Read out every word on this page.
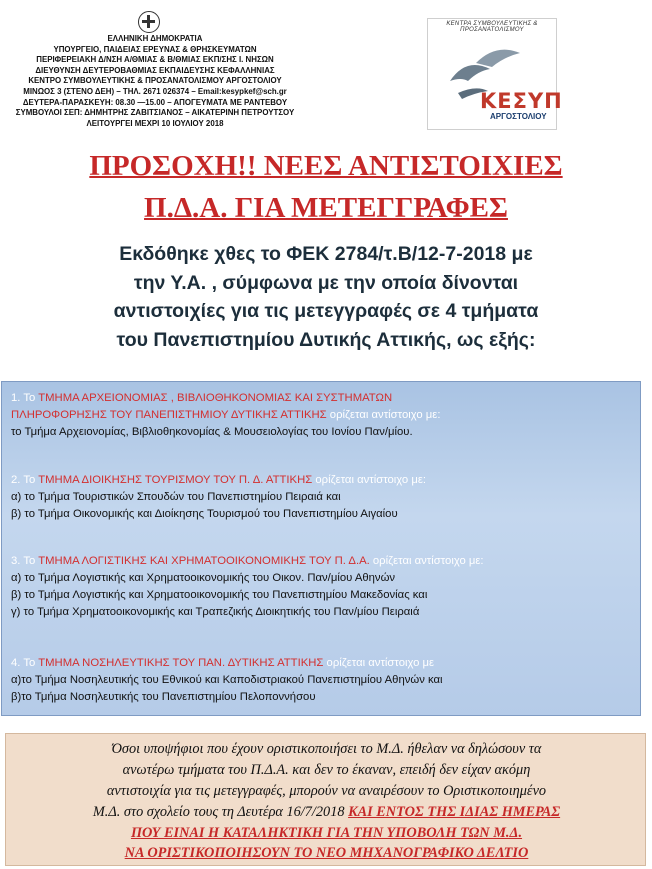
ΕΛΛΗΝΙΚΗ ΔΗΜΟΚΡΑΤΙΑ
ΥΠΟΥΡΓΕΙΟ, ΠΑΙΔΕΙΑΣ ΕΡΕΥΝΑΣ & ΘΡΗΣΚΕΥΜΑΤΩΝ
ΠΕΡΙΦΕΡΕΙΑΚΗ Δ/ΝΣΗ Α/ΘΜΙΑΣ & Β/ΘΜΙΑΣ ΕΚΠ/ΣΗΣ Ι. ΝΗΣΩΝ
ΔΙΕΥΘΥΝΣΗ ΔΕΥΤΕΡΟΒΑΘΜΙΑΣ ΕΚΠΑΙΔΕΥΣΗΣ ΚΕΦΑΛΛΗΝΙΑΣ
ΚΕΝΤΡΟ ΣΥΜΒΟΥΛΕΥΤΙΚΗΣ & ΠΡΟΣΑΝΑΤΟΛΙΣΜΟΥ ΑΡΓΟΣΤΟΛΙΟΥ
ΜΙΝΩΟΣ 3 (ΣΤΕΝΟ ΔΕΗ) – ΤΗΛ. 2671 026374 – Email:kesypkef@sch.gr
ΔΕΥΤΕΡΑ-ΠΑΡΑΣΚΕΥΗ: 08.30 —15.00 – ΑΠΟΓΕΥΜΑΤΑ ΜΕ ΡΑΝΤΕΒΟΥ
ΣΥΜΒΟΥΛΟΙ ΣΕΠ: ΔΗΜΗΤΡΗΣ ΖΑΒΙΤΣΙΑΝΟΣ – ΑΙΚΑΤΕΡΙΝΗ ΠΕΤΡΟΥΤΣΟΥ
ΛΕΙΤΟΥΡΓΕΙ ΜΕΧΡΙ 10 ΙΟΥΛΙΟΥ 2018
ΚΕΝΤΡΑ ΣΥΜΒΟΥΛΕΥΤΙΚΗΣ & ΠΡΟΣΑΝΑΤΟΛΙΣΜΟΥ
ΚΕΣΥΠ
ΑΡΓΟΣΤΟΛΙΟΥ
ΠΡΟΣΟΧΗ!! ΝΕΕΣ ΑΝΤΙΣΤΟΙΧΙΕΣ
Π.Δ.Α. ΓΙΑ ΜΕΤΕΓΓΡΑΦΕΣ
Εκδόθηκε χθες το ΦΕΚ 2784/τ.Β/12-7-2018 με
την Υ.Α. , σύμφωνα με την οποία δίνονται
αντιστοιχίες για τις μετεγγραφές σε 4 τμήματα
του Πανεπιστημίου Δυτικής Αττικής, ως εξής:
1. Το ΤΜΗΜΑ ΑΡΧΕΙΟΝΟΜΙΑΣ , ΒΙΒΛΙΟΘΗΚΟΝΟΜΙΑΣ ΚΑΙ ΣΥΣΤΗΜΑΤΩΝ
ΠΛΗΡΟΦΟΡΗΣΗΣ ΤΟΥ ΠΑΝΕΠΙΣΤΗΜΙΟΥ ΔΥΤΙΚΗΣ ΑΤΤΙΚΗΣ ορίζεται αντίστοιχο με:
το Τμήμα Αρχειονομίας, Βιβλιοθηκονομίας & Μουσειολογίας του Ιονίου Παν/μίου.
2. Το ΤΜΗΜΑ ΔΙΟΙΚΗΣΗΣ ΤΟΥΡΙΣΜΟΥ ΤΟΥ Π. Δ. ΑΤΤΙΚΗΣ ορίζεται αντίστοιχο με:
α) το Τμήμα Τουριστικών Σπουδών του Πανεπιστημίου Πειραιά και
β) το Τμήμα Οικονομικής και Διοίκησης Τουρισμού του Πανεπιστημίου Αιγαίου
3. Το ΤΜΗΜΑ ΛΟΓΙΣΤΙΚΗΣ ΚΑΙ ΧΡΗΜΑΤΟΟΙΚΟΝΟΜΙΚΗΣ ΤΟΥ Π. Δ.Α. ορίζεται αντίστοιχο με:
α) το Τμήμα Λογιστικής και Χρηματοοικονομικής του Οικον. Παν/μίου Αθηνών
β) το Τμήμα Λογιστικής και Χρηματοοικονομικής του Πανεπιστημίου Μακεδονίας και
γ) το Τμήμα Χρηματοοικονομικής και Τραπεζικής Διοικητικής του Παν/μίου Πειραιά
4. Το ΤΜΗΜΑ ΝΟΣΗΛΕΥΤΙΚΗΣ ΤΟΥ ΠΑΝ. ΔΥΤΙΚΗΣ ΑΤΤΙΚΗΣ ορίζεται αντίστοιχο με
α)το Τμήμα Νοσηλευτικής του Εθνικού και Καποδιστριακού Πανεπιστημίου Αθηνών και
β)το Τμήμα Νοσηλευτικής του Πανεπιστημίου Πελοποννήσου
Όσοι υποψήφιοι που έχουν οριστικοποιήσει το Μ.Δ. ήθελαν να δηλώσουν τα
ανωτέρω τμήματα του Π.Δ.Α. και δεν το έκαναν, επειδή δεν είχαν ακόμη
αντιστοιχία για τις μετεγγραφές, μπορούν να αναιρέσουν το Οριστικοποιημένο
Μ.Δ. στο σχολείο τους τη Δευτέρα 16/7/2018 ΚΑΙ ΕΝΤΟΣ ΤΗΣ ΙΔΙΑΣ ΗΜΕΡΑΣ
ΠΟΥ ΕΙΝΑΙ Η ΚΑΤΑΛΗΚΤΙΚΗ ΓΙΑ ΤΗΝ ΥΠΟΒΟΛΗ ΤΩΝ Μ.Δ.
ΝΑ ΟΡΙΣΤΙΚΟΠΟΙΗΣΟΥΝ ΤΟ ΝΕΟ ΜΗΧΑΝΟΓΡΑΦΙΚΟ ΔΕΛΤΙΟ
